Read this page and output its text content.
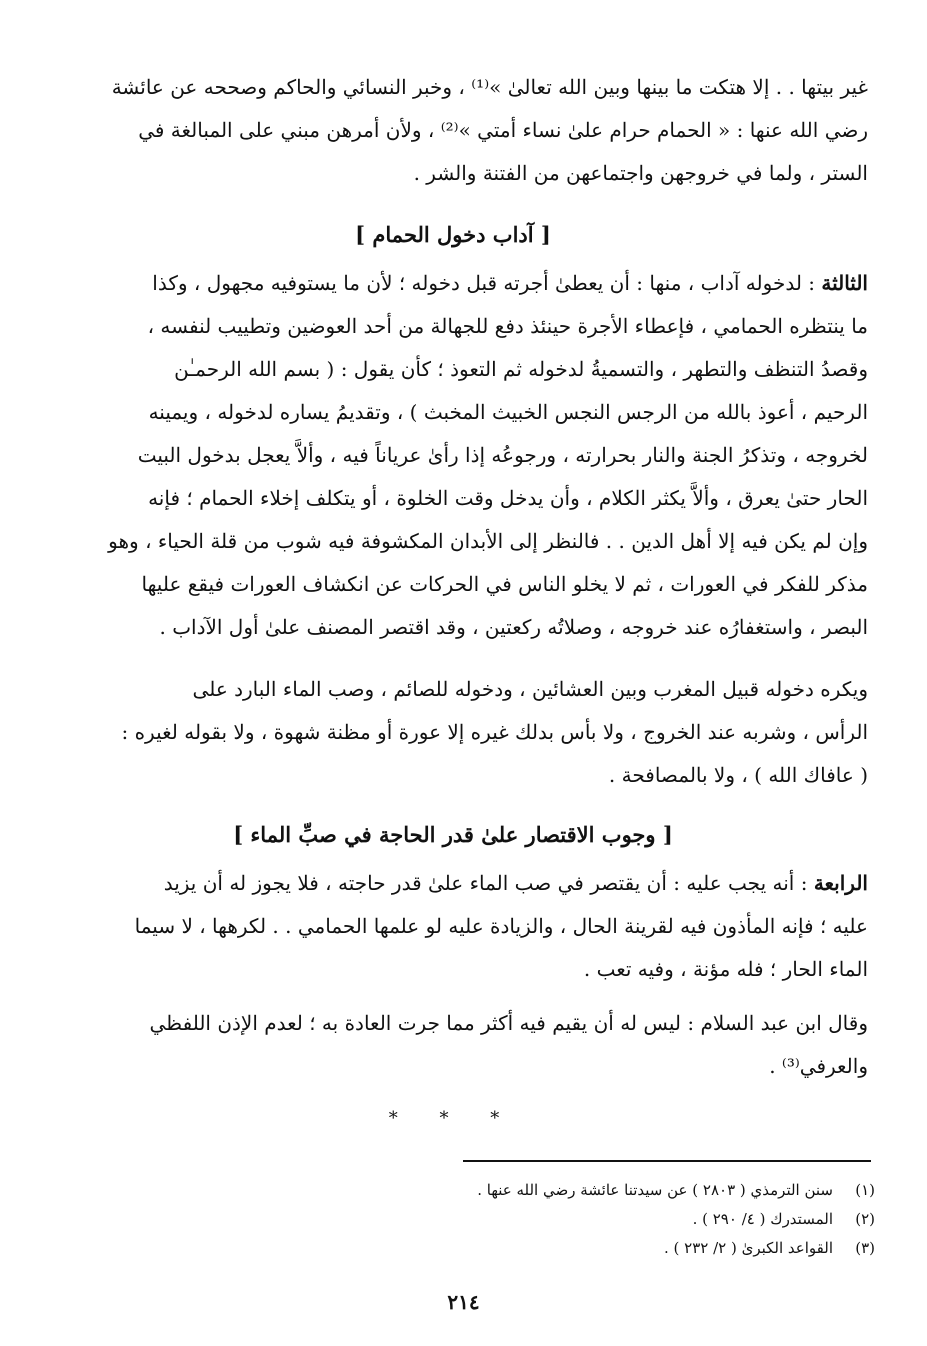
غير بيتها . . إلا هتكت ما بينها وبين الله تعالىٰ »⁽¹⁾ ، وخبر النسائي والحاكم وصححه عن عائشة
رضي الله عنها : « الحمام حرام علىٰ نساء أمتي »⁽²⁾ ، ولأن أمرهن مبني على المبالغة في
الستر ، ولما في خروجهن واجتماعهن من الفتنة والشر .
[ آداب دخول الحمام ]
الثالثة : لدخوله آداب ، منها : أن يعطىٰ أجرته قبل دخوله ؛ لأن ما يستوفيه مجهول ، وكذا
ما ينتظره الحمامي ، فإعطاء الأجرة حينئذ دفع للجهالة من أحد العوضين وتطييب لنفسه ،
وقصدُ التنظف والتطهر ، والتسميةُ لدخوله ثم التعوذ ؛ كأن يقول : ( بسم الله الرحمـٰن
الرحيم ، أعوذ بالله من الرجس النجس الخبيث المخبث ) ، وتقديمُ يساره لدخوله ، ويمينه
لخروجه ، وتذكرُ الجنة والنار بحرارته ، ورجوعُه إذا رأىٰ عرياناً فيه ، وألاَّ يعجل بدخول البيت
الحار حتىٰ يعرق ، وألاَّ يكثر الكلام ، وأن يدخل وقت الخلوة ، أو يتكلف إخلاء الحمام ؛ فإنه
وإن لم يكن فيه إلا أهل الدين . . فالنظر إلى الأبدان المكشوفة فيه شوب من قلة الحياء ، وهو
مذكر للفكر في العورات ، ثم لا يخلو الناس في الحركات عن انكشاف العورات فيقع عليها
البصر ، واستغفارُه عند خروجه ، وصلاتُه ركعتين ، وقد اقتصر المصنف علىٰ أول الآداب .
ويكره دخوله قبيل المغرب وبين العشائين ، ودخوله للصائم ، وصب الماء البارد على
الرأس ، وشربه عند الخروج ، ولا بأس بدلك غيره إلا عورة أو مظنة شهوة ، ولا بقوله لغيره :
( عافاك الله ) ، ولا بالمصافحة .
[ وجوب الاقتصار علىٰ قدر الحاجة في صبِّ الماء ]
الرابعة : أنه يجب عليه : أن يقتصر في صب الماء علىٰ قدر حاجته ، فلا يجوز له أن يزيد
عليه ؛ فإنه المأذون فيه لقرينة الحال ، والزيادة عليه لو علمها الحمامي . . لكرهها ، لا سيما
الماء الحار ؛ فله مؤنة ، وفيه تعب .
وقال ابن عبد السلام : ليس له أن يقيم فيه أكثر مما جرت العادة به ؛ لعدم الإذن اللفظي
والعرفي⁽³⁾ .
* * *
(١)سنن الترمذي ( ٢٨٠٣ ) عن سيدتنا عائشة رضي الله عنها .
(٢)المستدرك ( ٤/ ٢٩٠ ) .
(٣)القواعد الكبرىٰ ( ٢/ ٢٣٢ ) .
٢١٤
